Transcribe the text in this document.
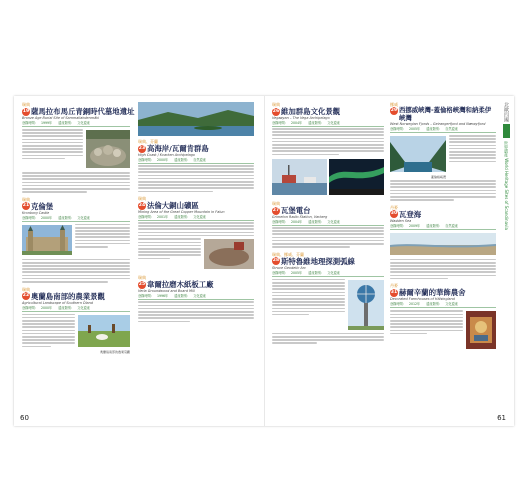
瑞典
19 薩馬拉布馬丘青銅時代墓地遺址
Bronze Age Burial Site of Sammallahdenmäki
登錄時間： 1999年 遺產類別： 文化遺產
瑞典
21 克倫堡
Kronborg Castle
登錄時間： 2000年 遺產類別： 文化遺產
瑞典
22 奧蘭島南部的農業景觀
Agricultural Landscape of Southern Öland
登錄時間： 2000年 遺產類別： 文化遺產
奧蘭島南部的農業景觀
瑞典、芬蘭
23 高海岸/瓦爾肯群島
High Coast / Kvarken Archipelago
登錄時間： 2000年 遺產類別： 自然遺產
瑞典
24 法倫大銅山礦區
Mining Area of the Great Copper Mountain in Falun
登錄時間： 2001年 遺產類別： 文化遺產
瑞典
25 韋爾拉磨木紙板工廠
Verla Groundwood and Board Mill
登錄時間： 1996年 遺產類別： 文化遺產
60
瑞典
26 維加群島文化景觀
Vegaøyan – The Vega Archipelago
登錄時間： 2004年 遺產類別： 文化遺產
瑞典
27 瓦堡電台
Grimeton Radio Station, Varberg
登錄時間： 2004年 遺產類別： 文化遺產
瑞典、挪威、芬蘭
28 斯特魯維地理探測弧線
Struve Geodetic Arc
登錄時間： 2005年 遺產類別： 文化遺產
挪威
29 西挪威峽灣-蓋倫格峽灣和納柔伊峽灣
West Norwegian Fjords – Geirangerfjord and Nærøyfjord
登錄時間： 2005年 遺產類別： 自然遺產
蓋倫格峽灣
丹麥
30 瓦登海
Wadden Sea
登錄時間： 2009年 遺產類別： 自然遺產
丹麥
31 赫爾辛蘭的華飾農舍
Decorated Farmhouses of Hälsingland
登錄時間： 2012年 遺產類別： 文化遺產
北歐四國
世界遺產 World Heritage Sites of Scandinavia
61
